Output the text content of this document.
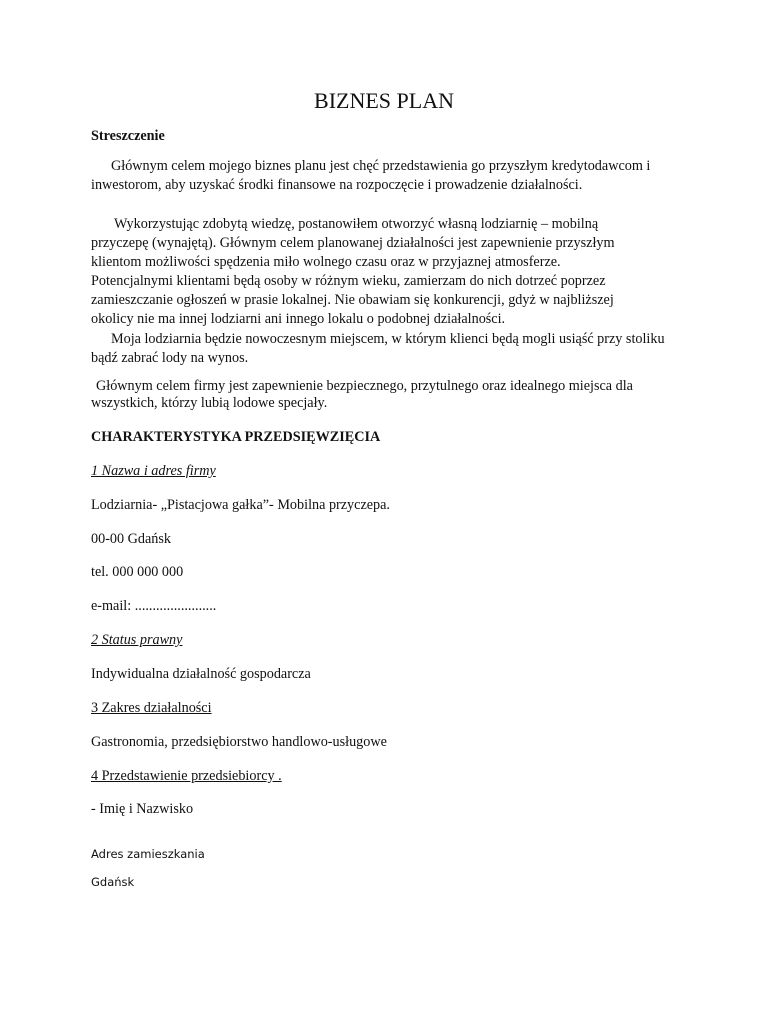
BIZNES PLAN
Streszczenie

Głównym celem mojego biznes planu jest chęć przedstawienia go przyszłym kredytodawcom i inwestorom, aby uzyskać środki finansowe na rozpoczęcie i prowadzenie działalności.

Wykorzystując zdobytą wiedzę, postanowiłem otworzyć własną lodziarnię – mobilną
przyczepę (wynajętą). Głównym celem planowanej działalności jest zapewnienie przyszłym
klientom możliwości spędzenia miło wolnego czasu oraz w przyjaznej atmosferze.
Potencjalnymi klientami będą osoby w różnym wieku, zamierzam do nich dotrzeć poprzez
zamieszczanie ogłoszeń w prasie lokalnej. Nie obawiam się konkurencji, gdyż w najbliższej
okolicy nie ma innej lodziarni ani innego lokalu o podobnej działalności.

Moja lodziarnia będzie nowoczesnym miejscem, w którym klienci będą mogli usiąść przy stoliku bądź zabrać lody na wynos.

Głównym celem firmy jest zapewnienie bezpiecznego, przytulnego oraz idealnego miejsca dla wszystkich, którzy lubią lodowe specjały.

CHARAKTERYSTYKA PRZEDSIĘWZIĘCIA
1 Nazwa i adres firmy
Lodziarnia- „Pistacjowa gałka”- Mobilna przyczepa.
00-00 Gdańsk
tel. 000 000 000
e-mail: .......................
2 Status prawny
Indywidualna działalność gospodarcza
3 Zakres działalności
Gastronomia, przedsiębiorstwo handlowo-usługowe
4 Przedstawienie przedsiebiorcy .
- Imię i Nazwisko
Adres zamieszkania
Gdańsk
